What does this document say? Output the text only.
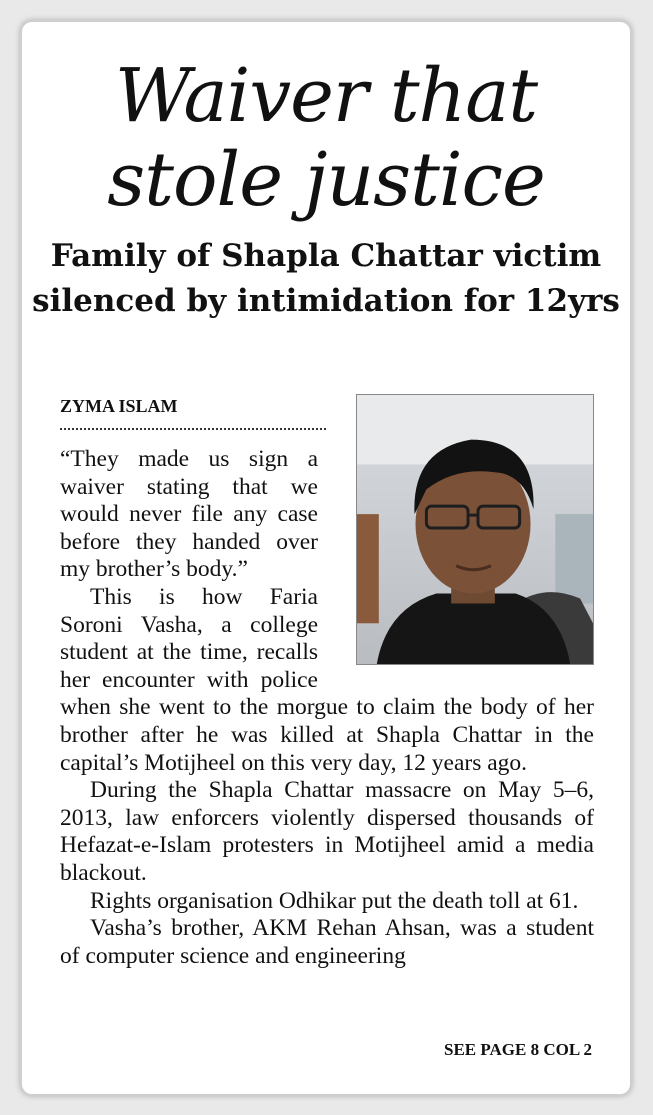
Waiver that stole justice
Family of Shapla Chattar victim silenced by intimidation for 12yrs
ZYMA ISLAM

“They made us sign a waiver stating that we would never file any case before they handed over my brother’s body.”

This is how Faria Soroni Vasha, a college student at the time, recalls her encounter with police when she went to the morgue to claim the body of her brother after he was killed at Shapla Chattar in the capital’s Motijheel on this very day, 12 years ago.

During the Shapla Chattar massacre on May 5–6, 2013, law enforcers violently dispersed thousands of Hefazat-e-Islam protesters in Motijheel amid a media blackout.

Rights organisation Odhikar put the death toll at 61.

Vasha’s brother, AKM Rehan Ahsan, was a student of computer science and engineering

SEE PAGE 8 COL 2
